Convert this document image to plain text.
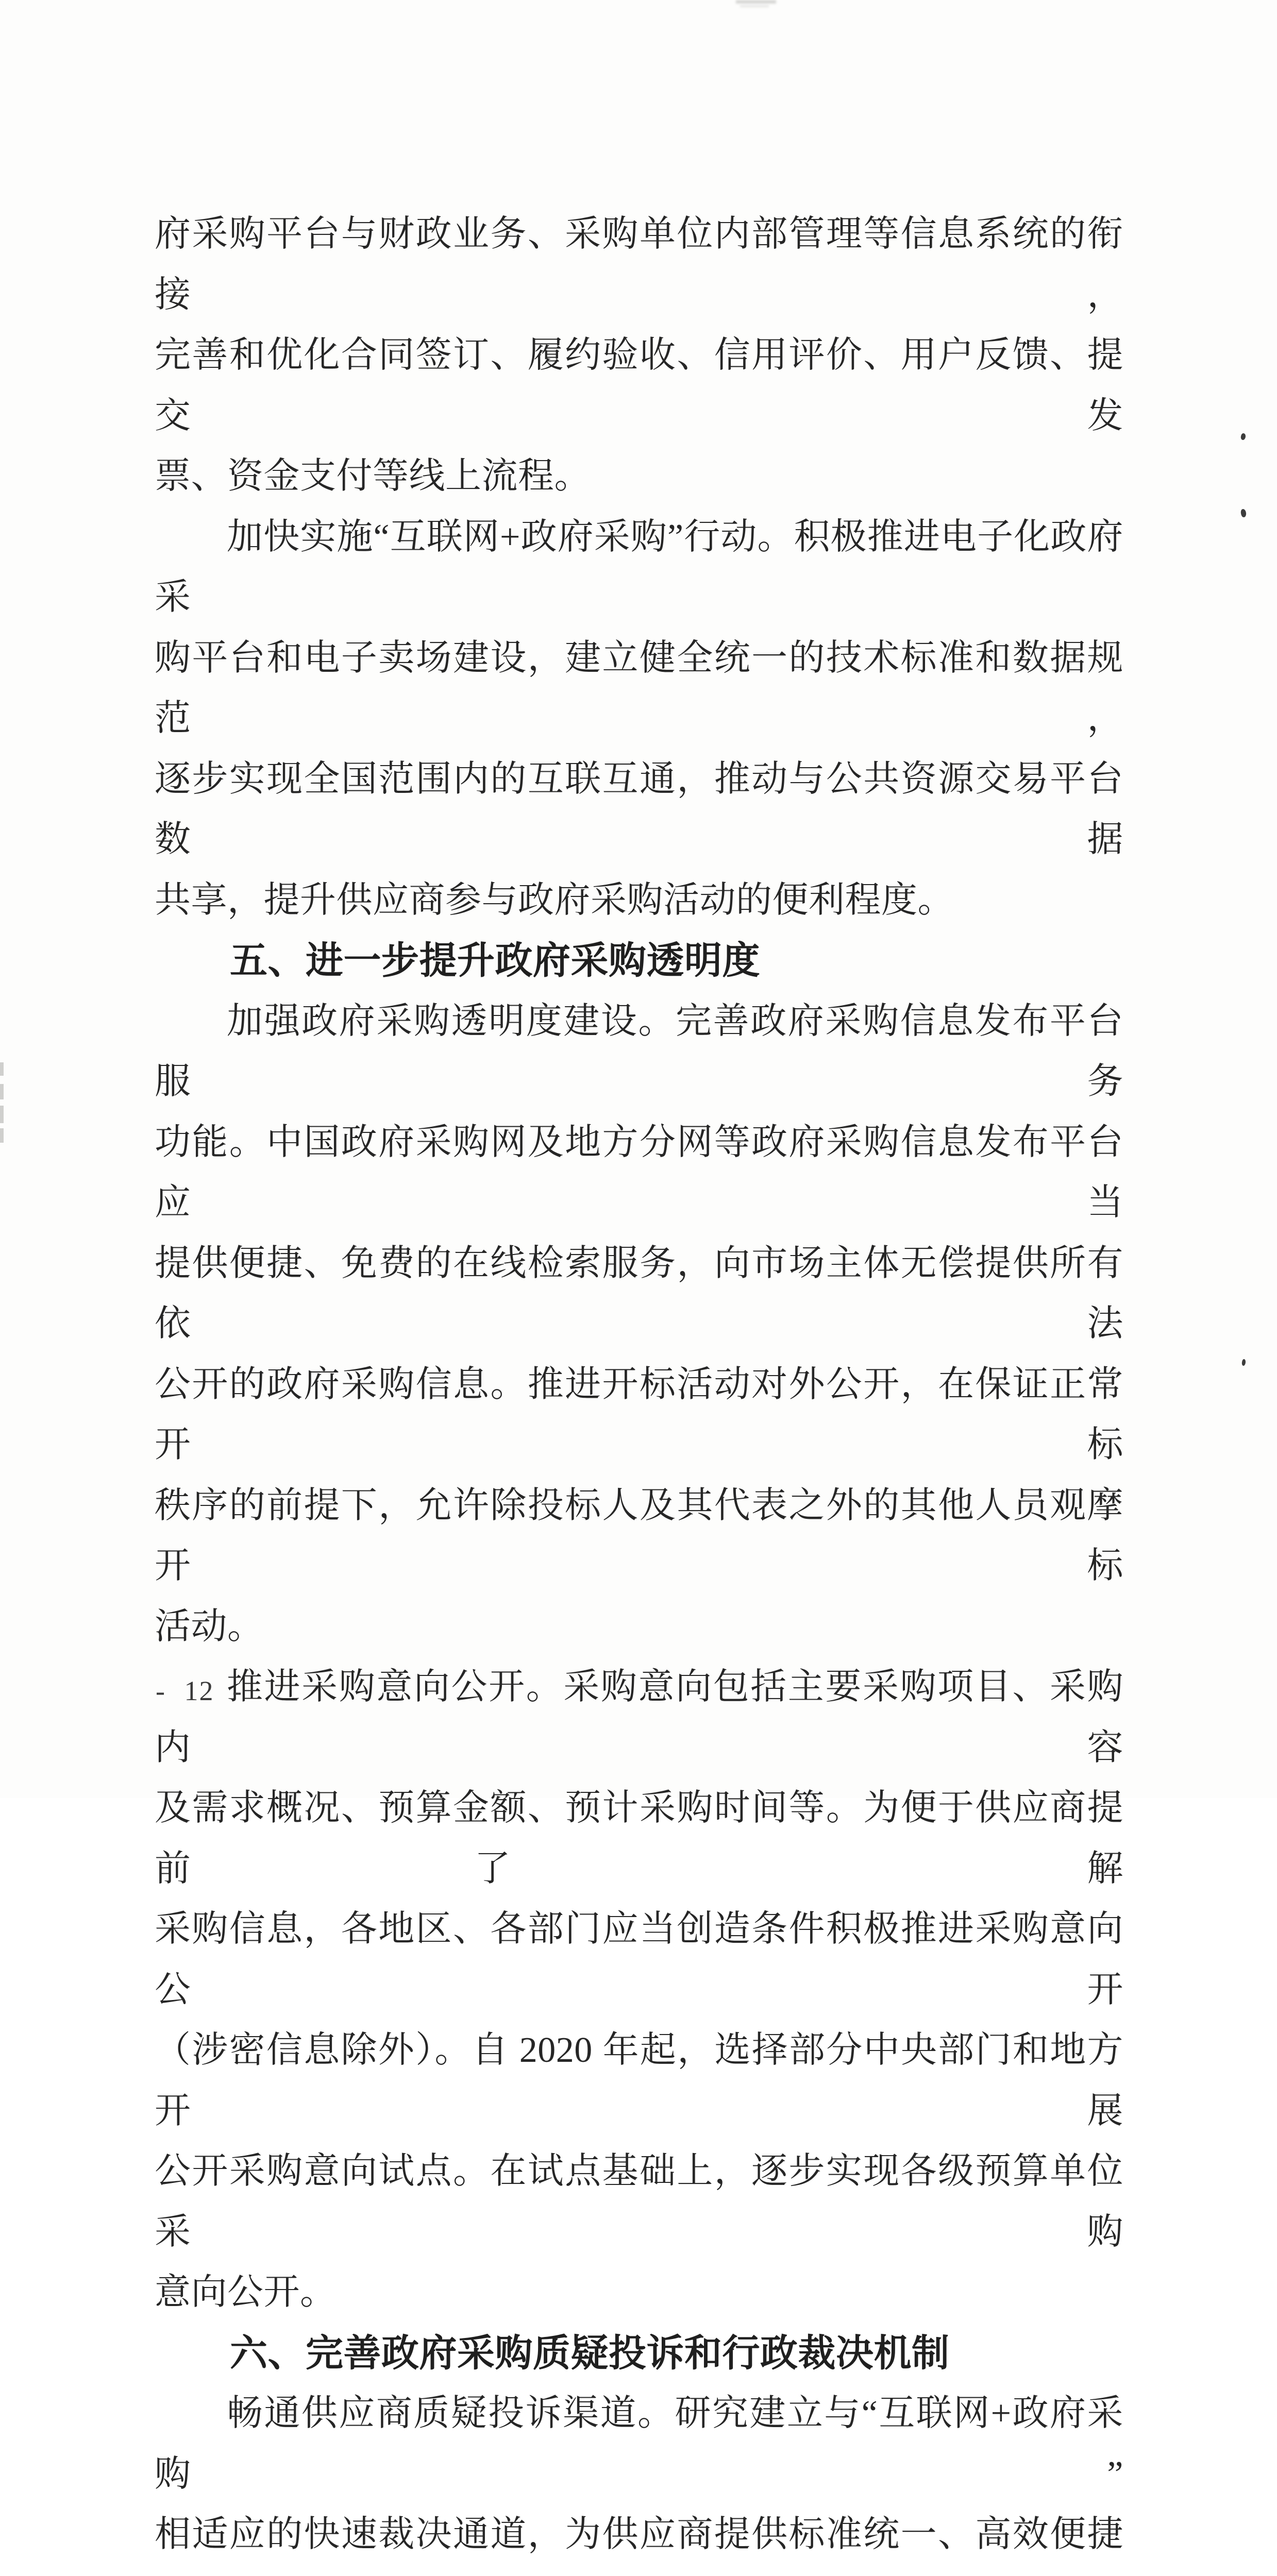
府采购平台与财政业务、采购单位内部管理等信息系统的衔接，
完善和优化合同签订、履约验收、信用评价、用户反馈、提交发
票、资金支付等线上流程。
加快实施“互联网+政府采购”行动。积极推进电子化政府采
购平台和电子卖场建设，建立健全统一的技术标准和数据规范，
逐步实现全国范围内的互联互通，推动与公共资源交易平台数据
共享，提升供应商参与政府采购活动的便利程度。
五、进一步提升政府采购透明度
加强政府采购透明度建设。完善政府采购信息发布平台服务
功能。中国政府采购网及地方分网等政府采购信息发布平台应当
提供便捷、免费的在线检索服务，向市场主体无偿提供所有依法
公开的政府采购信息。推进开标活动对外公开，在保证正常开标
秩序的前提下，允许除投标人及其代表之外的其他人员观摩开标
活动。
推进采购意向公开。采购意向包括主要采购项目、采购内容
及需求概况、预算金额、预计采购时间等。为便于供应商提前了 解
采购信息，各地区、各部门应当创造条件积极推进采购意向公 开
（涉密信息除外）。自 2020 年起，选择部分中央部门和地方开 展
公开采购意向试点。在试点基础上，逐步实现各级预算单位采购
意向公开。
六、完善政府采购质疑投诉和行政裁决机制
畅通供应商质疑投诉渠道。研究建立与“互联网+政府采购”
相适应的快速裁决通道，为供应商提供标准统一、高效便捷
- 12 -
